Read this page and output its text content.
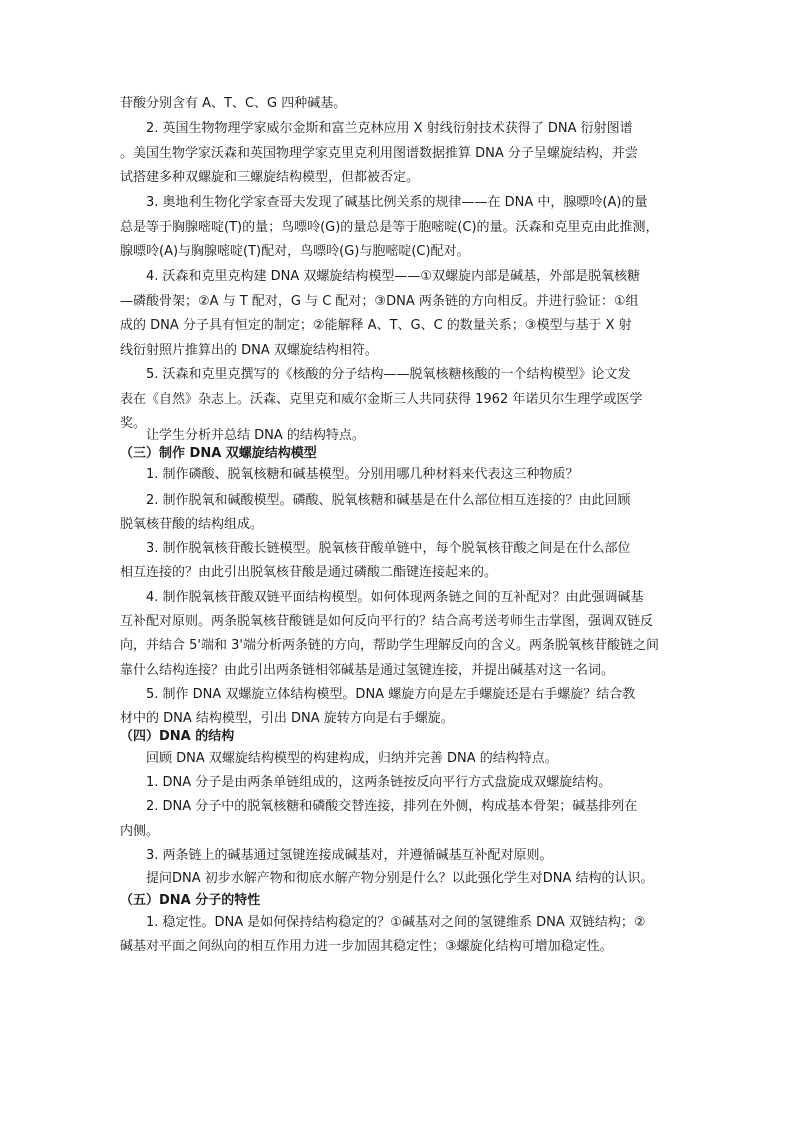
苷酸分别含有 A、T、C、G 四种碱基。

2. 英国生物物理学家威尔金斯和富兰克林应用 X 射线衍射技术获得了 DNA 衍射图谱

。美国生物学家沃森和英国物理学家克里克利用图谱数据推算 DNA 分子呈螺旋结构，并尝

试搭建多种双螺旋和三螺旋结构模型，但都被否定。

3. 奥地利生物化学家查哥夫发现了碱基比例关系的规律——在 DNA 中，腺嘌呤(A)的量

总是等于胸腺嘧啶(T)的量；鸟嘌呤(G)的量总是等于胞嘧啶(C)的量。沃森和克里克由此推测，

腺嘌呤(A)与胸腺嘧啶(T)配对，鸟嘌呤(G)与胞嘧啶(C)配对。

4. 沃森和克里克构建 DNA 双螺旋结构模型——①双螺旋内部是碱基，外部是脱氧核糖

—磷酸骨架；②A 与 T 配对，G 与 C 配对；③DNA 两条链的方向相反。并进行验证：①组

成的 DNA 分子具有恒定的制定；②能解释 A、T、G、C 的数量关系；③模型与基于 X 射

线衍射照片推算出的 DNA 双螺旋结构相符。

5. 沃森和克里克撰写的《核酸的分子结构——脱氧核糖核酸的一个结构模型》论文发

表在《自然》杂志上。沃森、克里克和威尔金斯三人共同获得 1962 年诺贝尔生理学或医学

奖。

让学生分析并总结 DNA 的结构特点。

（三）制作 DNA 双螺旋结构模型

1. 制作磷酸、脱氧核糖和碱基模型。分别用哪几种材料来代表这三种物质？

2. 制作脱氧和碱酸模型。磷酸、脱氧核糖和碱基是在什么部位相互连接的？由此回顾

脱氧核苷酸的结构组成。

3. 制作脱氧核苷酸长链模型。脱氧核苷酸单链中，每个脱氧核苷酸之间是在什么部位

相互连接的？由此引出脱氧核苷酸是通过磷酸二酯键连接起来的。

4. 制作脱氧核苷酸双链平面结构模型。如何体现两条链之间的互补配对？由此强调碱基

互补配对原则。两条脱氧核苷酸链是如何反向平行的？结合高考送考师生击掌图，强调双链反

向，并结合 5'端和 3'端分析两条链的方向，帮助学生理解反向的含义。两条脱氧核苷酸链之间

靠什么结构连接？由此引出两条链相邻碱基是通过氢键连接，并提出碱基对这一名词。

5. 制作 DNA 双螺旋立体结构模型。DNA 螺旋方向是左手螺旋还是右手螺旋？结合教

材中的 DNA 结构模型，引出 DNA 旋转方向是右手螺旋。

（四）DNA 的结构

回顾 DNA 双螺旋结构模型的构建构成，归纳并完善 DNA 的结构特点。

1. DNA 分子是由两条单链组成的，这两条链按反向平行方式盘旋成双螺旋结构。

2. DNA 分子中的脱氧核糖和磷酸交替连接，排列在外侧，构成基本骨架；碱基排列在

内侧。

3. 两条链上的碱基通过氢键连接成碱基对，并遵循碱基互补配对原则。

提问DNA 初步水解产物和彻底水解产物分别是什么？以此强化学生对DNA 结构的认识。

（五）DNA 分子的特性

1. 稳定性。DNA 是如何保持结构稳定的？①碱基对之间的氢键维系 DNA 双链结构；②

碱基对平面之间纵向的相互作用力进一步加固其稳定性；③螺旋化结构可增加稳定性。
